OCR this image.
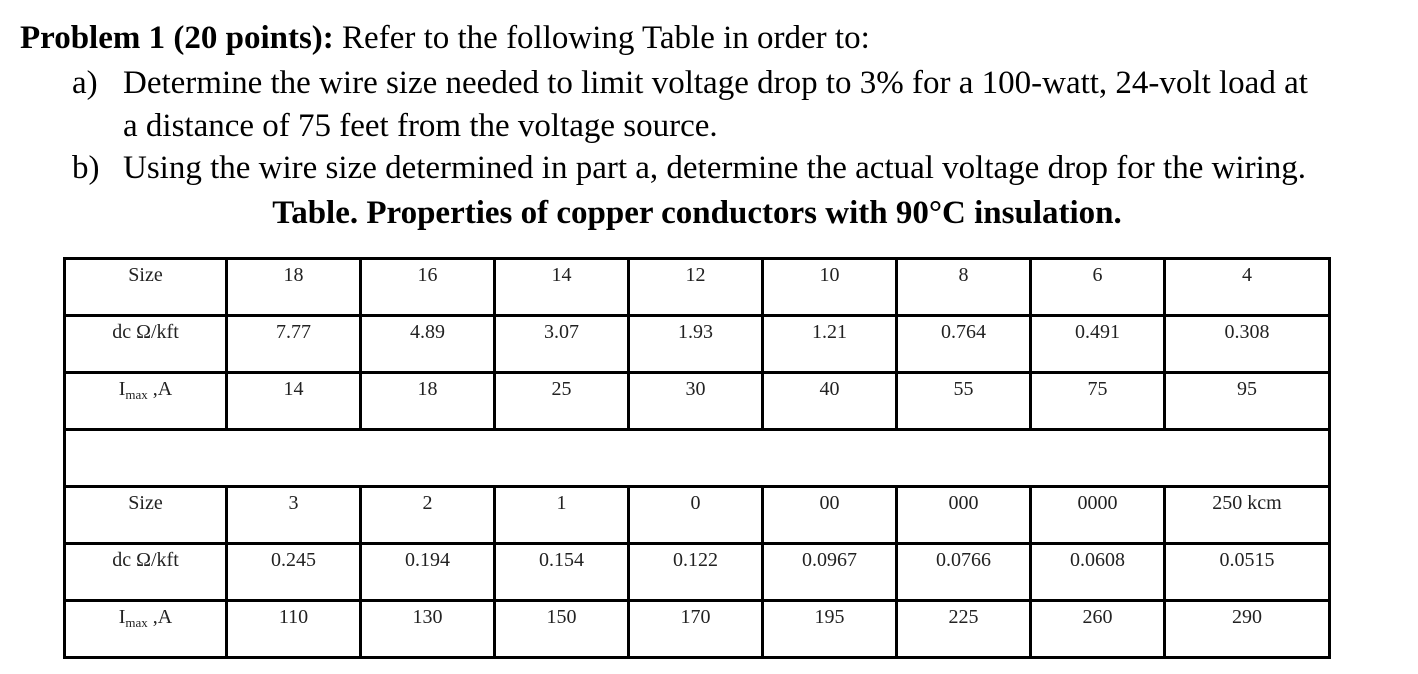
Problem 1 (20 points): Refer to the following Table in order to:
a) Determine the wire size needed to limit voltage drop to 3% for a 100-watt, 24-volt load at
a distance of 75 feet from the voltage source.
b) Using the wire size determined in part a, determine the actual voltage drop for the wiring.
Table. Properties of copper conductors with 90°C insulation.
Size	18	16	14	12	10	8	6	4
dc Ω/kft	7.77	4.89	3.07	1.93	1.21	0.764	0.491	0.308
$I_{max}$ ,A	14	18	25	30	40	55	75	95

Size	3	2	1	0	00	000	0000	250 kcm
dc Ω/kft	0.245	0.194	0.154	0.122	0.0967	0.0766	0.0608	0.0515
$I_{max}$ ,A	110	130	150	170	195	225	260	290
